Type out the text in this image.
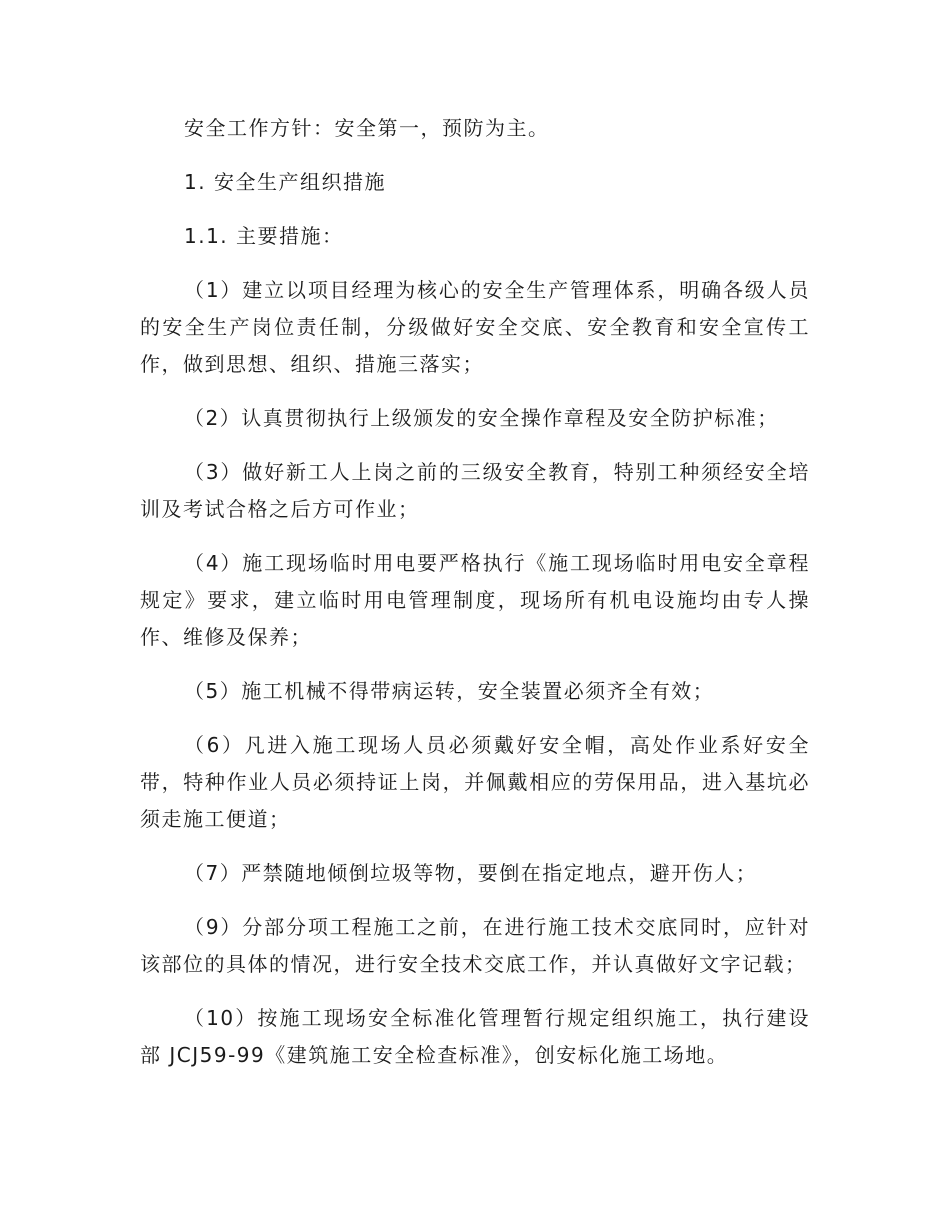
安全工作方针：安全第一，预防为主。

1. 安全生产组织措施

1.1. 主要措施：

（1）建立以项目经理为核心的安全生产管理体系，明确各级人员的安全生产岗位责任制，分级做好安全交底、安全教育和安全宣传工作，做到思想、组织、措施三落实；

（2）认真贯彻执行上级颁发的安全操作章程及安全防护标准；

（3）做好新工人上岗之前的三级安全教育，特别工种须经安全培训及考试合格之后方可作业；

（4）施工现场临时用电要严格执行《施工现场临时用电安全章程规定》要求，建立临时用电管理制度，现场所有机电设施均由专人操作、维修及保养；

（5）施工机械不得带病运转，安全装置必须齐全有效；

（6）凡进入施工现场人员必须戴好安全帽，高处作业系好安全带，特种作业人员必须持证上岗，并佩戴相应的劳保用品，进入基坑必须走施工便道；

（7）严禁随地倾倒垃圾等物，要倒在指定地点，避开伤人；

（9）分部分项工程施工之前，在进行施工技术交底同时，应针对该部位的具体的情况，进行安全技术交底工作，并认真做好文字记载；

（10）按施工现场安全标准化管理暂行规定组织施工，执行建设部 JCJ59-99《建筑施工安全检查标准》，创安标化施工场地。
